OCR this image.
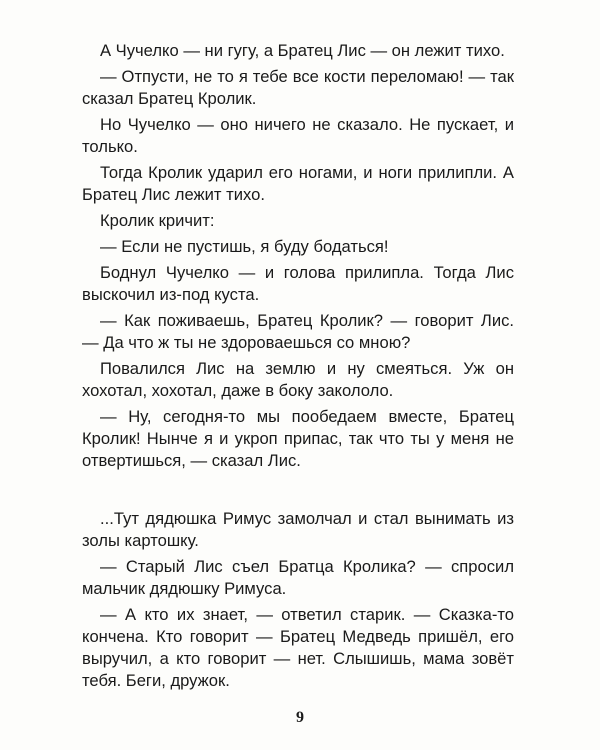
А Чучелко — ни гугу, а Братец Лис — он лежит тихо.

— Отпусти, не то я тебе все кости переломаю! — так сказал Братец Кролик.

Но Чучелко — оно ничего не сказало. Не пускает, и только.

Тогда Кролик ударил его ногами, и ноги прилипли. А Братец Лис лежит тихо.

Кролик кричит:

— Если не пустишь, я буду бодаться!

Боднул Чучелко — и голова прилипла. Тогда Лис выскочил из-под куста.

— Как поживаешь, Братец Кролик? — говорит Лис. — Да что ж ты не здороваешься со мною?

Повалился Лис на землю и ну смеяться. Уж он хохотал, хохотал, даже в боку закололо.

— Ну, сегодня-то мы пообедаем вместе, Братец Кролик! Нынче я и укроп припас, так что ты у меня не отвертишься, — сказал Лис.

...Тут дядюшка Римус замолчал и стал вынимать из золы картошку.

— Старый Лис съел Братца Кролика? — спросил мальчик дядюшку Римуса.

— А кто их знает, — ответил старик. — Сказка-то кончена. Кто говорит — Братец Медведь пришёл, его выручил, а кто говорит — нет. Слышишь, мама зовёт тебя. Беги, дружок.

9
